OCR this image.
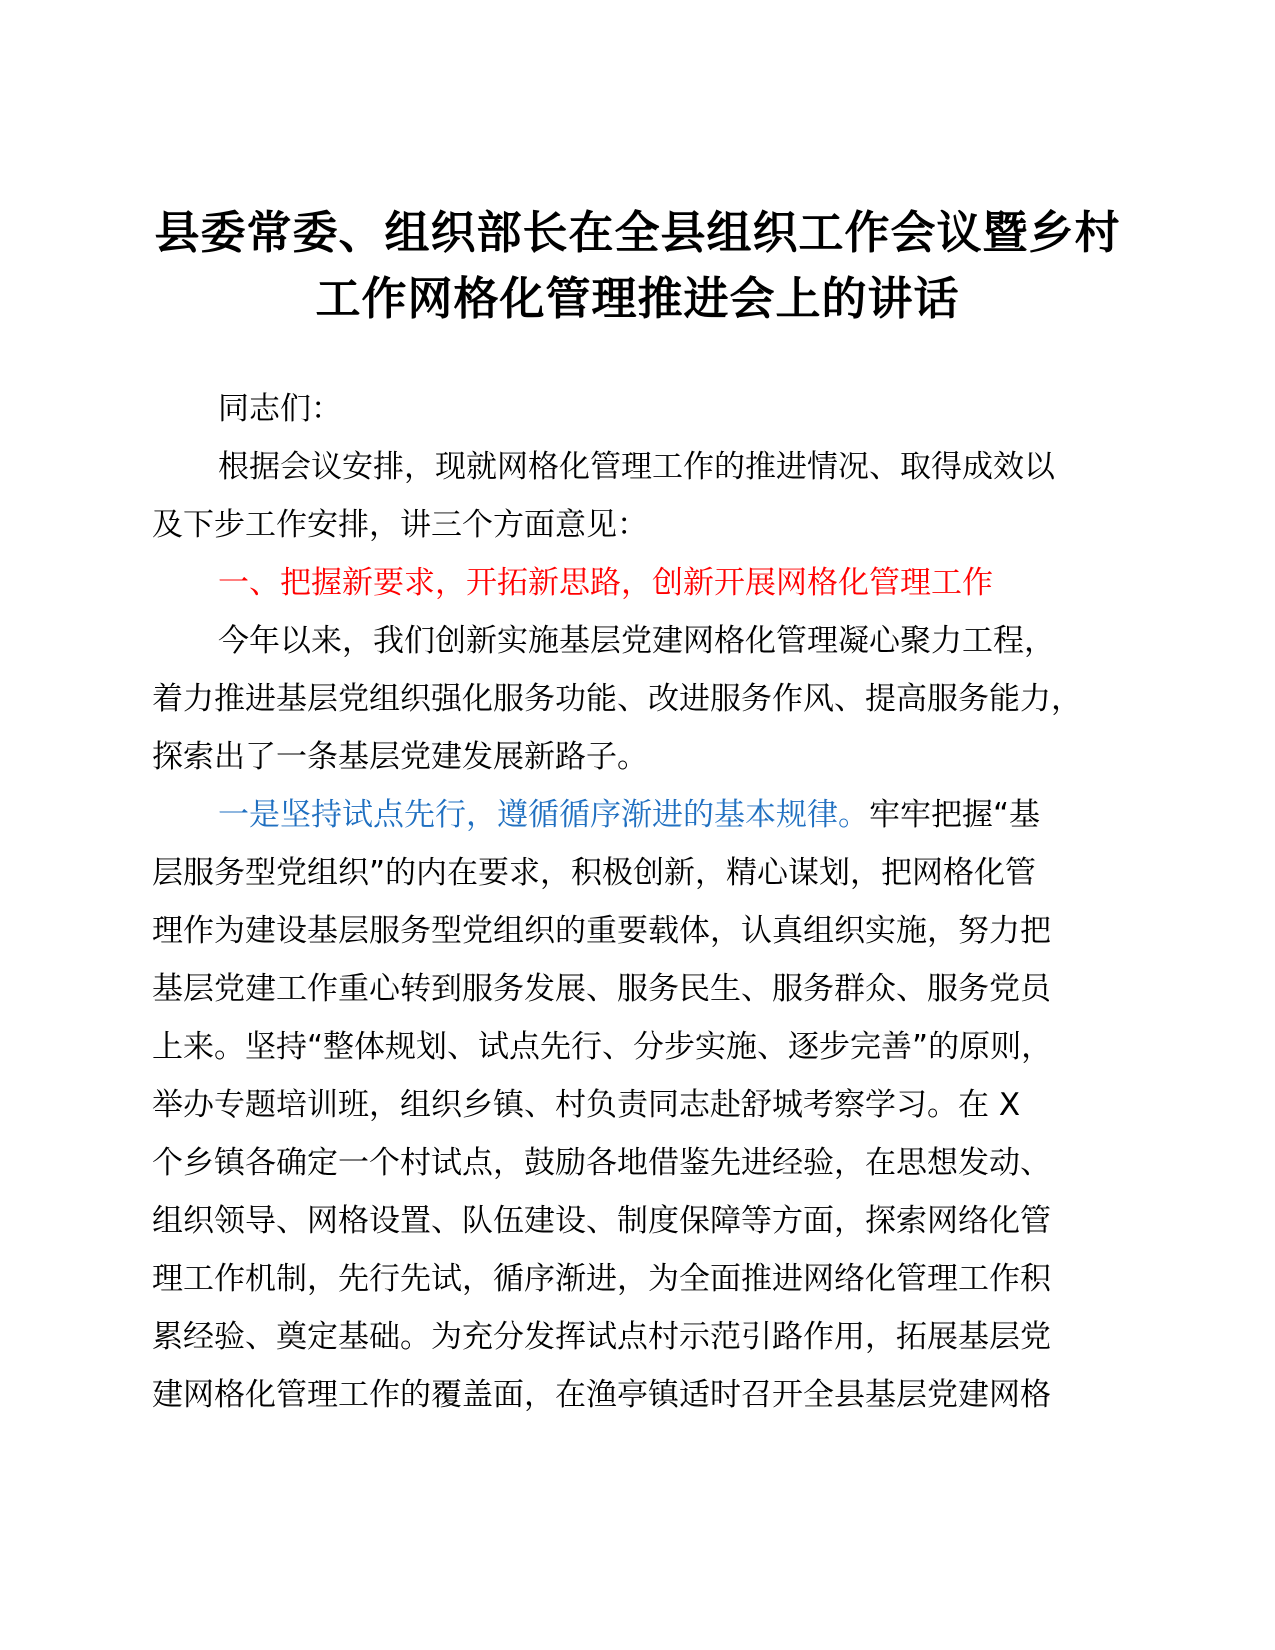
县委常委、组织部长在全县组织工作会议暨乡村
工作网格化管理推进会上的讲话
同志们：
根据会议安排，现就网格化管理工作的推进情况、取得成效以
及下步工作安排，讲三个方面意见：
一、把握新要求，开拓新思路，创新开展网格化管理工作
今年以来，我们创新实施基层党建网格化管理凝心聚力工程，
着力推进基层党组织强化服务功能、改进服务作风、提高服务能力，
探索出了一条基层党建发展新路子。
一是坚持试点先行，遵循循序渐进的基本规律。牢牢把握“基
层服务型党组织”的内在要求，积极创新，精心谋划，把网格化管
理作为建设基层服务型党组织的重要载体，认真组织实施，努力把
基层党建工作重心转到服务发展、服务民生、服务群众、服务党员
上来。坚持“整体规划、试点先行、分步实施、逐步完善”的原则，
举办专题培训班，组织乡镇、村负责同志赴舒城考察学习。在 X
个乡镇各确定一个村试点，鼓励各地借鉴先进经验，在思想发动、
组织领导、网格设置、队伍建设、制度保障等方面，探索网络化管
理工作机制，先行先试，循序渐进，为全面推进网络化管理工作积
累经验、奠定基础。为充分发挥试点村示范引路作用，拓展基层党
建网格化管理工作的覆盖面，在渔亭镇适时召开全县基层党建网格
